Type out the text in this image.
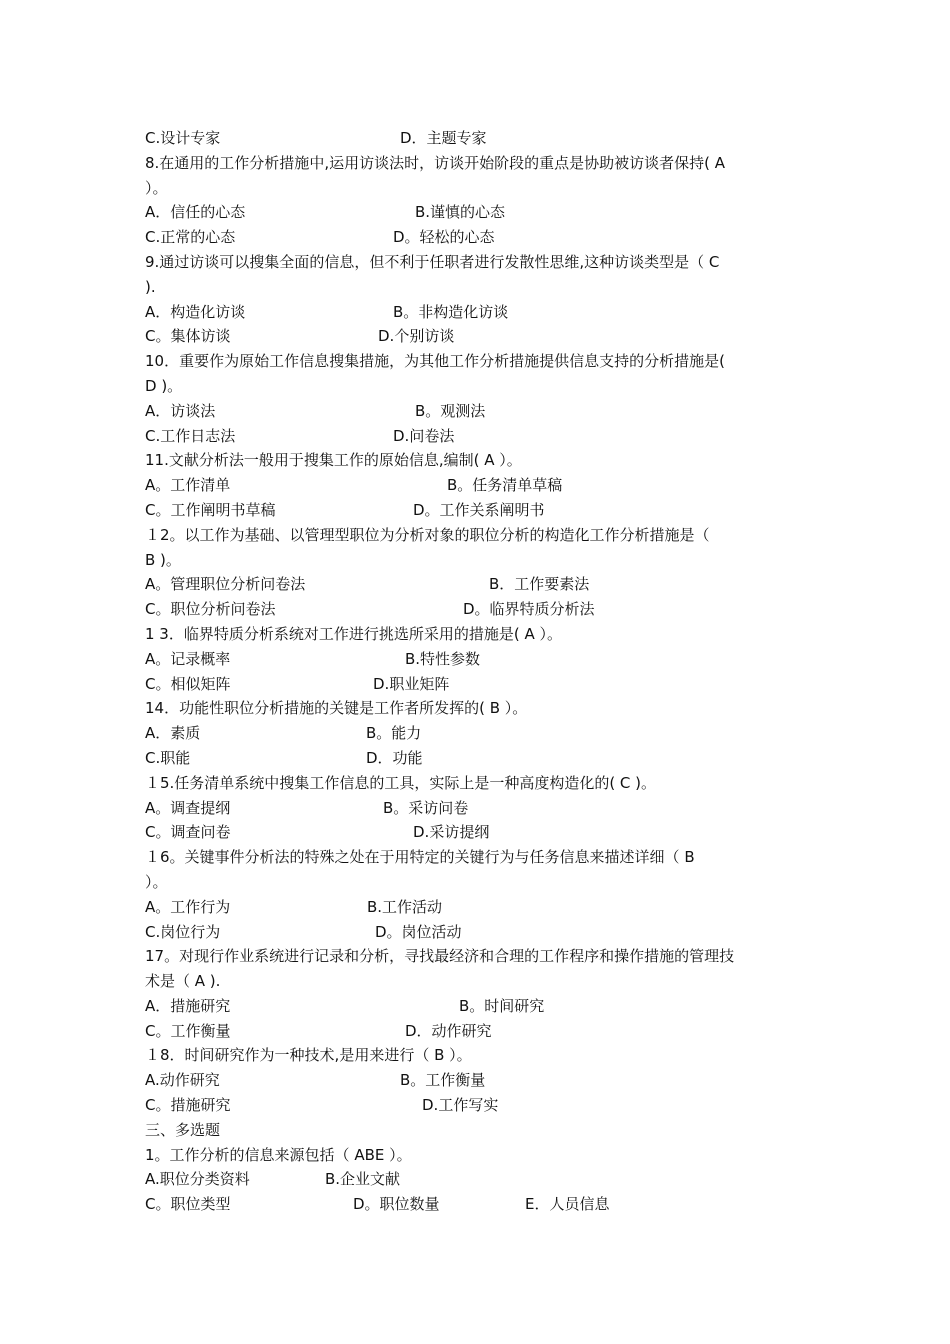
C.设计专家	D．主题专家
8.在通用的工作分析措施中,运用访谈法时，访谈开始阶段的重点是协助被访谈者保持( A
）。
A．信任的心态	B.谨慎的心态
C.正常的心态	D。轻松的心态
9.通过访谈可以搜集全面的信息，但不利于任职者进行发散性思维,这种访谈类型是（ C
).
A．构造化访谈	B。非构造化访谈
C。集体访谈	D.个别访谈
10．重要作为原始工作信息搜集措施，为其他工作分析措施提供信息支持的分析措施是(
D )。
A．访谈法	B。观测法
C.工作日志法	D.问卷法
11.文献分析法一般用于搜集工作的原始信息,编制( A ）。
A。工作清单	B。任务清单草稿
C。工作阐明书草稿	D。工作关系阐明书
１2。以工作为基础、以管理型职位为分析对象的职位分析的构造化工作分析措施是（
B )。
A。管理职位分析问卷法	B．工作要素法
C。职位分析问卷法	D。临界特质分析法
1 3．临界特质分析系统对工作进行挑选所采用的措施是( A ）。
A。记录概率	B.特性参数
C。相似矩阵	D.职业矩阵
14．功能性职位分析措施的关键是工作者所发挥的( B ）。
A．素质	B。能力
C.职能	D．功能
１5.任务清单系统中搜集工作信息的工具，实际上是一种高度构造化的( C )。
A。调查提纲	B。采访问卷
C。调查问卷	D.采访提纲
１6。关键事件分析法的特殊之处在于用特定的关键行为与任务信息来描述详细（ B
）。
A。工作行为	B.工作活动
C.岗位行为	D。岗位活动
17。对现行作业系统进行记录和分析，寻找最经济和合理的工作程序和操作措施的管理技
术是（ A ).
A．措施研究	B。时间研究
C。工作衡量	D．动作研究
１8．时间研究作为一种技术,是用来进行（ B ）。
A.动作研究	B。工作衡量
C。措施研究	D.工作写实
三、多选题
1。工作分析的信息来源包括（ ABE ）。
A.职位分类资料	B.企业文献
C。职位类型	D。职位数量	E．人员信息
